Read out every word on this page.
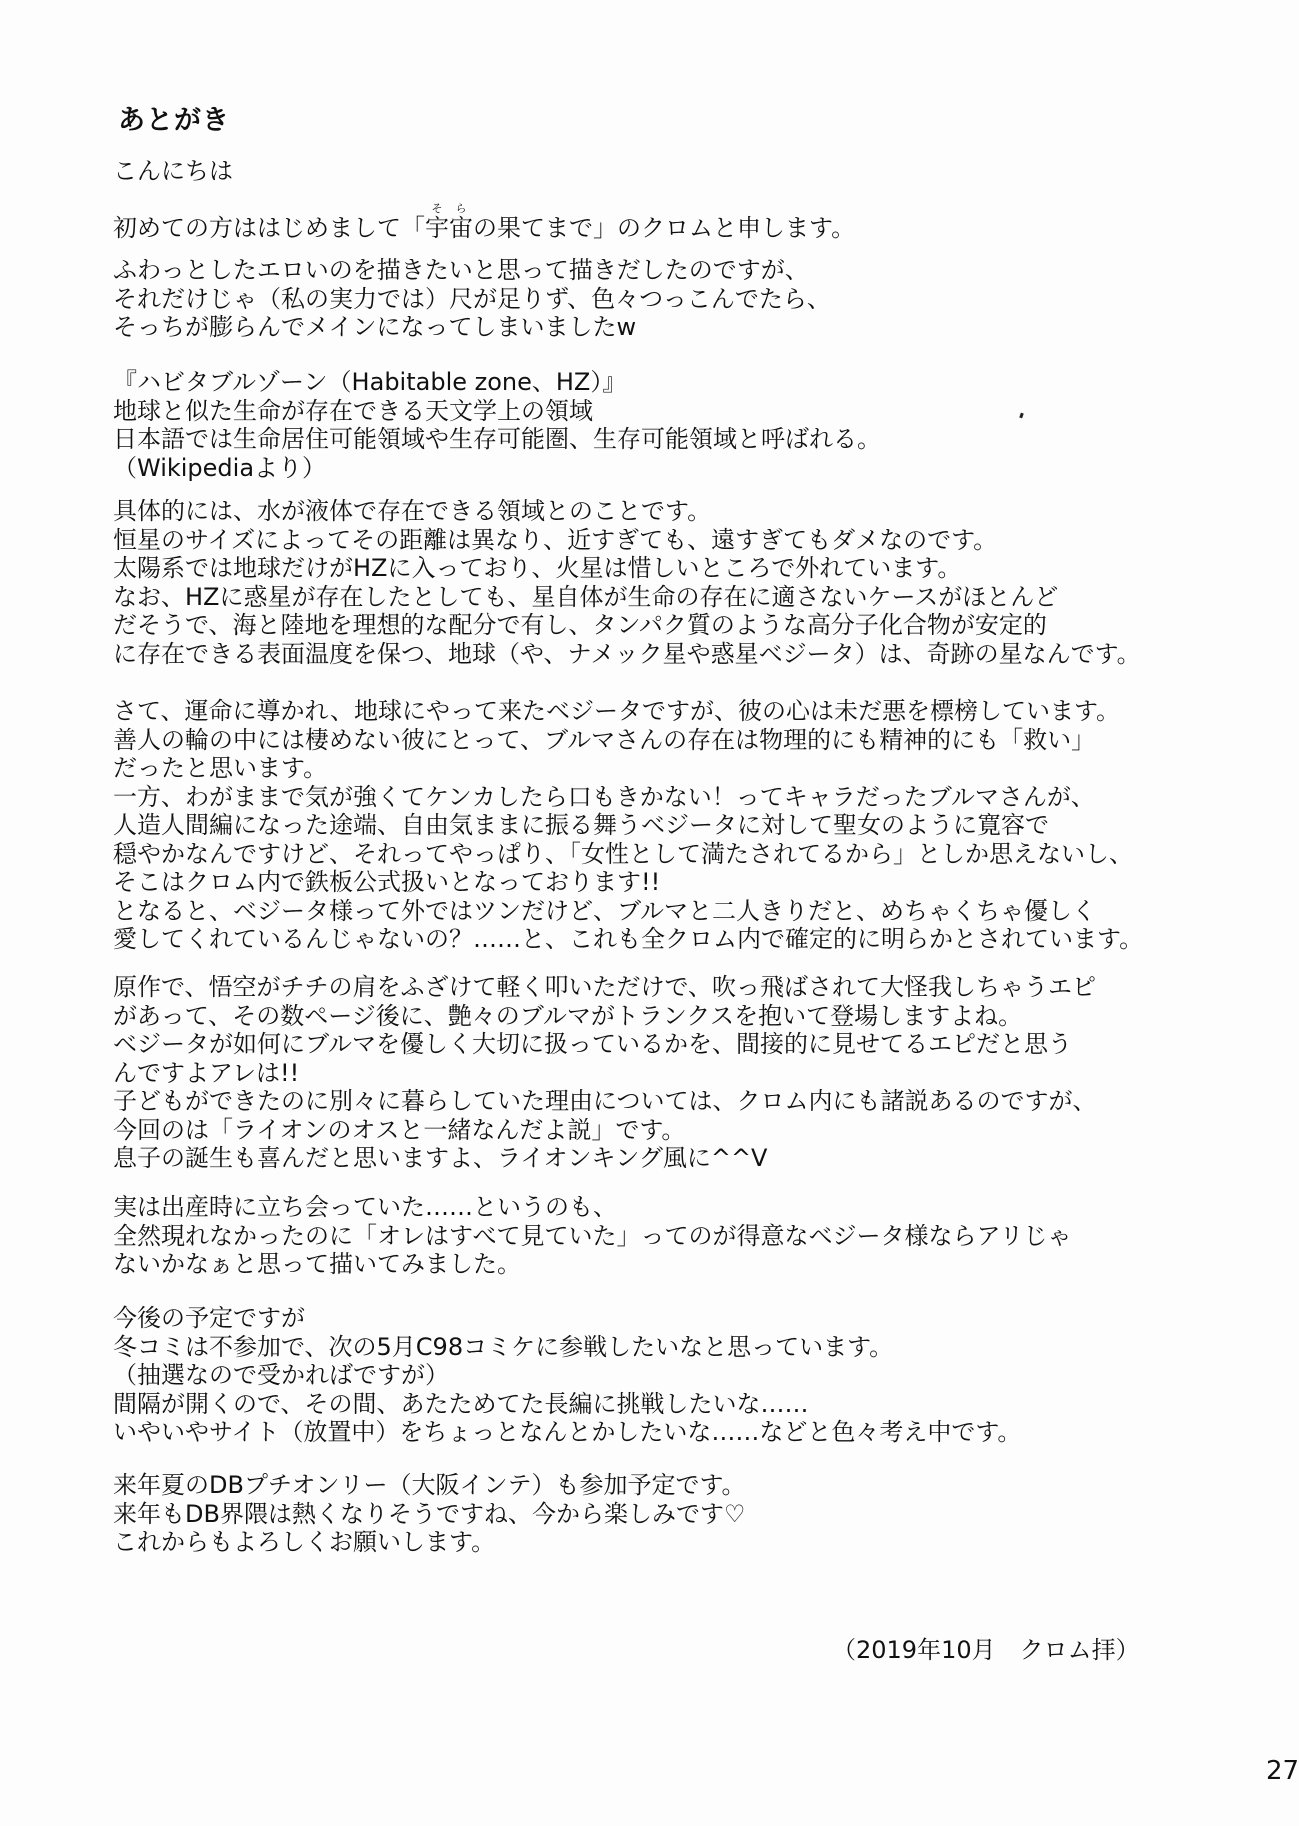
あとがき
こんにちは
初めての方ははじめまして「宇宙そらの果てまで」のクロムと申します。
ふわっとしたエロいのを描きたいと思って描きだしたのですが、
それだけじゃ（私の実力では）尺が足りず、色々つっこんでたら、
そっちが膨らんでメインになってしまいましたw
『ハビタブルゾーン（Habitable zone、HZ）』
地球と似た生命が存在できる天文学上の領域
日本語では生命居住可能領域や生存可能圏、生存可能領域と呼ばれる。
（Wikipediaより）
具体的には、水が液体で存在できる領域とのことです。
恒星のサイズによってその距離は異なり、近すぎても、遠すぎてもダメなのです。
太陽系では地球だけがHZに入っており、火星は惜しいところで外れています。
なお、HZに惑星が存在したとしても、星自体が生命の存在に適さないケースがほとんど
だそうで、海と陸地を理想的な配分で有し、タンパク質のような高分子化合物が安定的
に存在できる表面温度を保つ、地球（や、ナメック星や惑星ベジータ）は、奇跡の星なんです。
さて、運命に導かれ、地球にやって来たベジータですが、彼の心は未だ悪を標榜しています。
善人の輪の中には棲めない彼にとって、ブルマさんの存在は物理的にも精神的にも「救い」
だったと思います。
一方、わがままで気が強くてケンカしたら口もきかない！ってキャラだったブルマさんが、
人造人間編になった途端、自由気ままに振る舞うベジータに対して聖女のように寛容で
穏やかなんですけど、それってやっぱり、「女性として満たされてるから」としか思えないし、
そこはクロム内で鉄板公式扱いとなっております!!
となると、ベジータ様って外ではツンだけど、ブルマと二人きりだと、めちゃくちゃ優しく
愛してくれているんじゃないの？……と、これも全クロム内で確定的に明らかとされています。
原作で、悟空がチチの肩をふざけて軽く叩いただけで、吹っ飛ばされて大怪我しちゃうエピ
があって、その数ページ後に、艶々のブルマがトランクスを抱いて登場しますよね。
ベジータが如何にブルマを優しく大切に扱っているかを、間接的に見せてるエピだと思う
んですよアレは!!
子どもができたのに別々に暮らしていた理由については、クロム内にも諸説あるのですが、
今回のは「ライオンのオスと一緒なんだよ説」です。
息子の誕生も喜んだと思いますよ、ライオンキング風に^^V
実は出産時に立ち会っていた……というのも、
全然現れなかったのに「オレはすべて見ていた」ってのが得意なベジータ様ならアリじゃ
ないかなぁと思って描いてみました。
今後の予定ですが
冬コミは不参加で、次の5月C98コミケに参戦したいなと思っています。
（抽選なので受かればですが）
間隔が開くので、その間、あたためてた長編に挑戦したいな……
いやいやサイト（放置中）をちょっとなんとかしたいな……などと色々考え中です。
来年夏のDBプチオンリー（大阪インテ）も参加予定です。
来年もDB界隈は熱くなりそうですね、今から楽しみです♡
これからもよろしくお願いします。
（2019年10月　クロム拝）
27
